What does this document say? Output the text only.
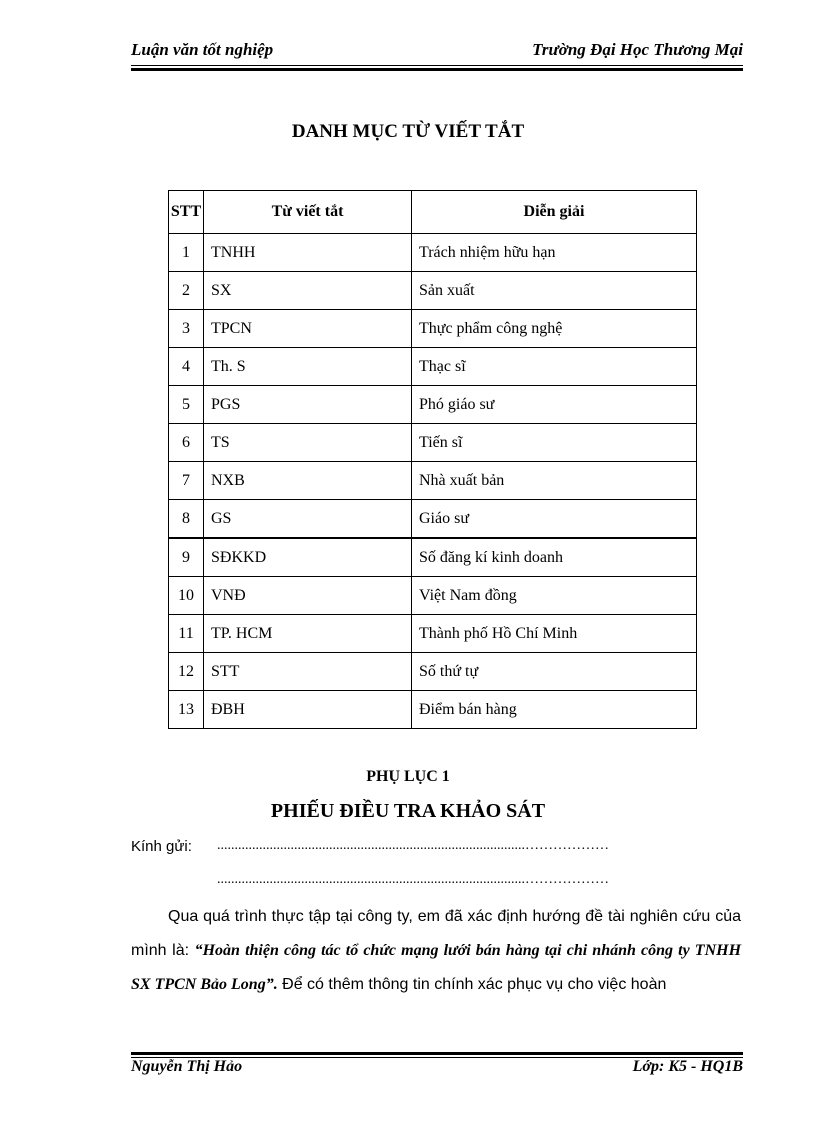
Luận văn tốt nghiệp	Trường Đại Học Thương Mại
DANH MỤC TỪ VIẾT TẮT
STT	Từ viết tắt	Diễn giải
1	TNHH	Trách nhiệm hữu hạn
2	SX	Sản xuất
3	TPCN	Thực phẩm công nghệ
4	Th. S	Thạc sĩ
5	PGS	Phó giáo sư
6	TS	Tiến sĩ
7	NXB	Nhà xuất bản
8	GS	Giáo sư
9	SĐKKD	Số đăng kí kinh doanh
10	VNĐ	Việt Nam đồng
11	TP. HCM	Thành phố Hồ Chí Minh
12	STT	Số thứ tự
13	ĐBH	Điểm bán hàng
PHỤ LỤC 1
PHIẾU ĐIỀU TRA KHẢO SÁT
Kính gửi: ........................................................................................………………
........................................................................................………………
Qua quá trình thực tập tại công ty, em đã xác định hướng đề tài nghiên cứu của mình là: “Hoàn thiện công tác tổ chức mạng lưới bán hàng tại chi nhánh công ty TNHH SX TPCN Bảo Long”. Để có thêm thông tin chính xác phục vụ cho việc hoàn
Nguyễn Thị Hảo	Lớp: K5 - HQ1B
